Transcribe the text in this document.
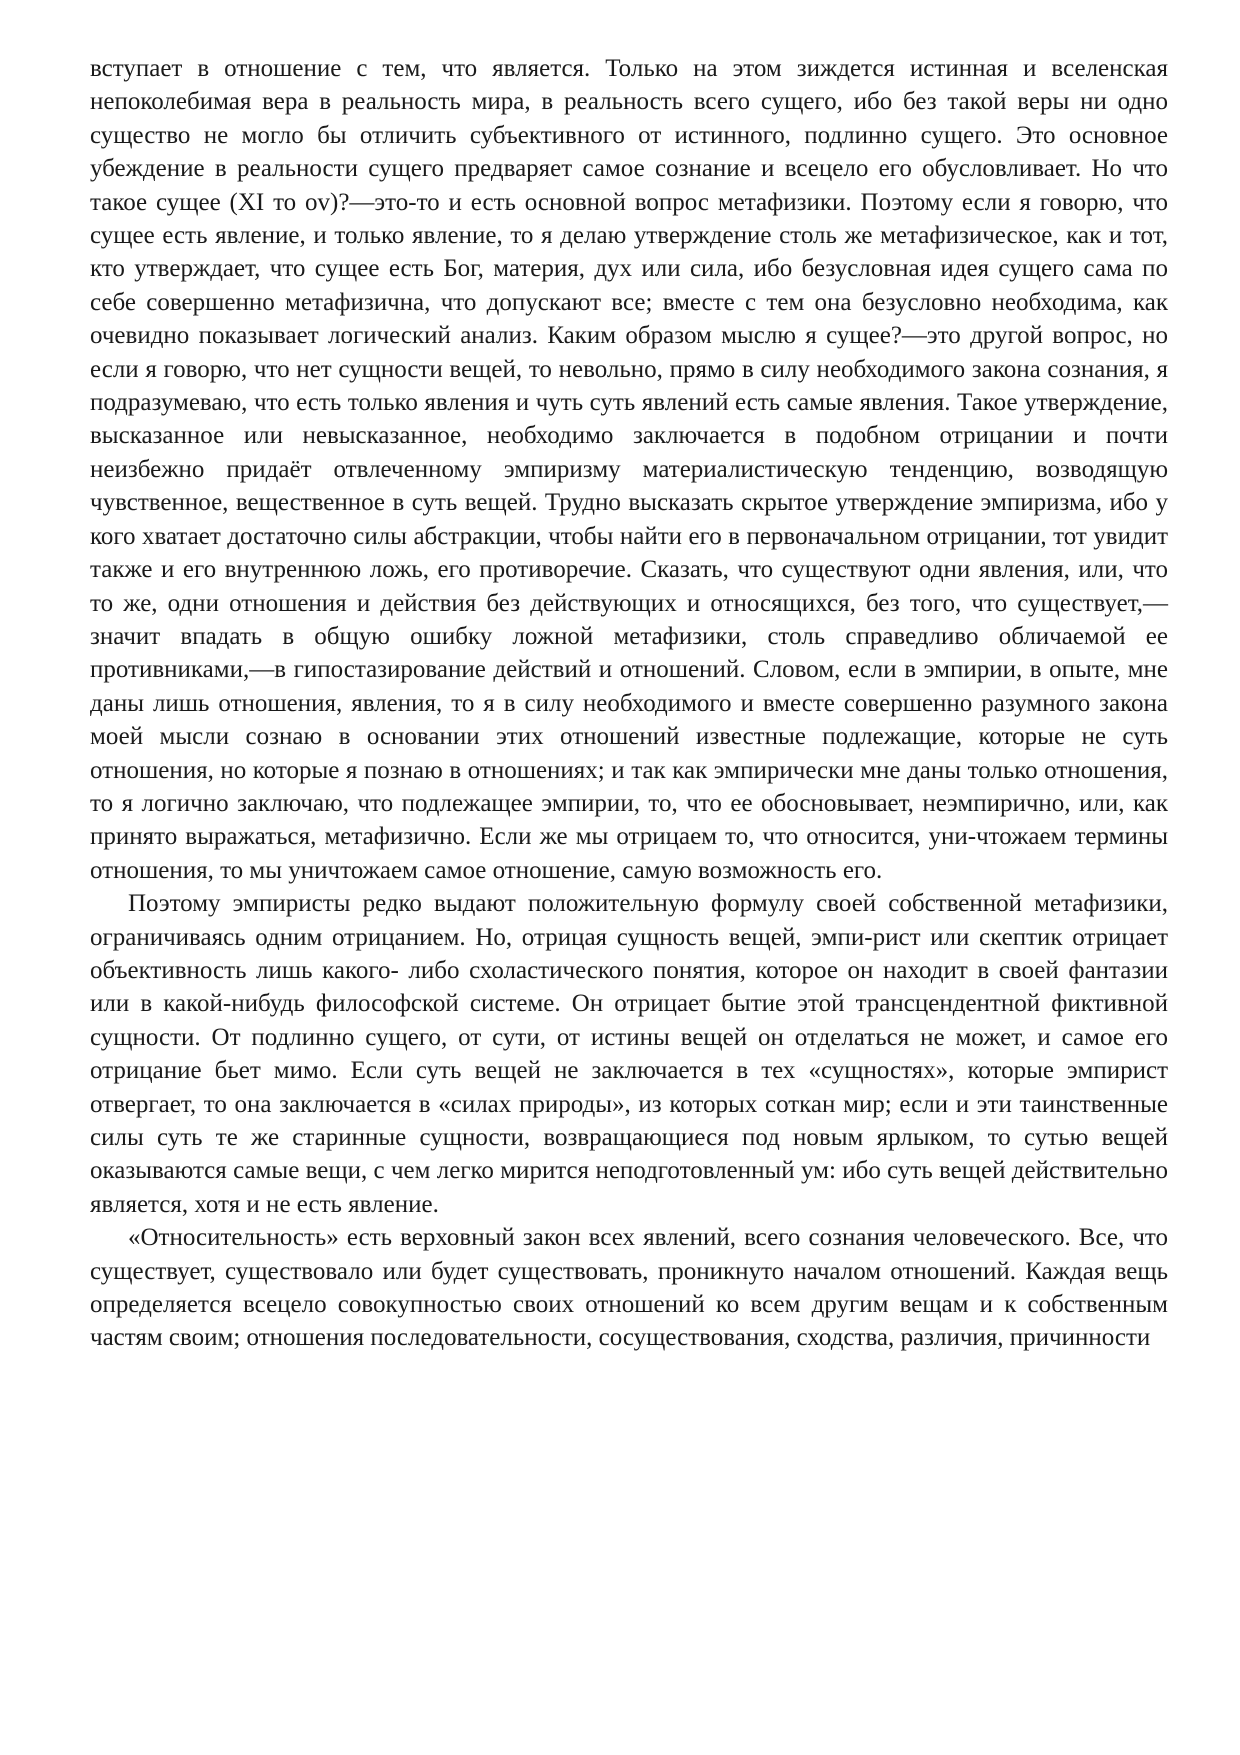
вступает в отношение с тем, что является. Только на этом зиждется истинная и вселенская непоколебимая вера в реальность мира, в реальность всего сущего, ибо без такой веры ни одно существо не могло бы отличить субъективного от истинного, подлинно сущего. Это основное убеждение в реальности сущего предваряет самое сознание и всецело его обусловливает. Но что такое сущее (XI то ov)?—это-то и есть основной вопрос метафизики. Поэтому если я говорю, что сущее есть явление, и только явление, то я делаю утверждение столь же метафизическое, как и тот, кто утверждает, что сущее есть Бог, материя, дух или сила, ибо безусловная идея сущего сама по себе совершенно метафизична, что допускают все; вместе с тем она безусловно необходима, как очевидно показывает логический анализ. Каким образом мыслю я сущее?—это другой вопрос, но если я говорю, что нет сущности вещей, то невольно, прямо в силу необходимого закона сознания, я подразумеваю, что есть только явления и чуть суть явлений есть самые явления. Такое утверждение, высказанное или невысказанное, необходимо заключается в подобном отрицании и почти неизбежно придаёт отвлеченному эмпиризму материалистическую тенденцию, возводящую чувственное, вещественное в суть вещей. Трудно высказать скрытое утверждение эмпиризма, ибо у кого хватает достаточно силы абстракции, чтобы найти его в первоначальном отрицании, тот увидит также и его внутреннюю ложь, его противоречие. Сказать, что существуют одни явления, или, что то же, одни отношения и действия без действующих и относящихся, без того, что существует,— значит впадать в общую ошибку ложной метафизики, столь справедливо обличаемой ее противниками,—в гипостазирование действий и отношений. Словом, если в эмпирии, в опыте, мне даны лишь отношения, явления, то я в силу необходимого и вместе совершенно разумного закона моей мысли сознаю в основании этих отношений известные подлежащие, которые не суть отношения, но которые я познаю в отношениях; и так как эмпирически мне даны только отношения, то я логично заключаю, что подлежащее эмпирии, то, что ее обосновывает, неэмпирично, или, как принято выражаться, метафизично. Если же мы отрицаем то, что относится, уни-чтожаем термины отношения, то мы уничтожаем самое отношение, самую возможность его.

Поэтому эмпиристы редко выдают положительную формулу своей собственной метафизики, ограничиваясь одним отрицанием. Но, отрицая сущность вещей, эмпи-рист или скептик отрицает объективность лишь какого- либо схоластического понятия, которое он находит в своей фантазии или в какой-нибудь философской системе. Он отрицает бытие этой трансцендентной фиктивной сущности. От подлинно сущего, от сути, от истины вещей он отделаться не может, и самое его отрицание бьет мимо. Если суть вещей не заключается в тех «сущностях», которые эмпирист отвергает, то она заключается в «силах природы», из которых соткан мир; если и эти таинственные силы суть те же старинные сущности, возвращающиеся под новым ярлыком, то сутью вещей оказываются самые вещи, с чем легко мирится неподготовленный ум: ибо суть вещей действительно является, хотя и не есть явление.

«Относительность» есть верховный закон всех явлений, всего сознания человеческого. Все, что существует, существовало или будет существовать, проникнуто началом отношений. Каждая вещь определяется всецело совокупностью своих отношений ко всем другим вещам и к собственным частям своим; отношения последовательности, сосуществования, сходства, различия, причинности
